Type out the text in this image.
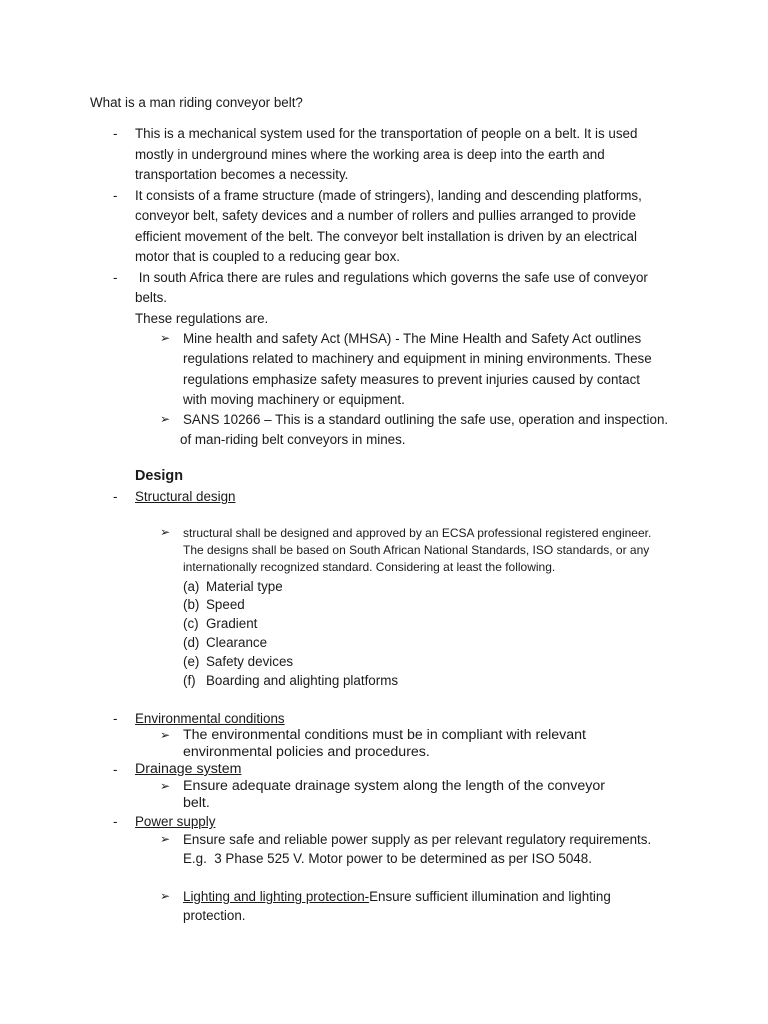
What is a man riding conveyor belt?

- This is a mechanical system used for the transportation of people on a belt. It is used

mostly in underground mines where the working area is deep into the earth and

transportation becomes a necessity.

- It consists of a frame structure (made of stringers), landing and descending platforms,

conveyor belt, safety devices and a number of rollers and pullies arranged to provide

efficient movement of the belt. The conveyor belt installation is driven by an electrical

motor that is coupled to a reducing gear box.

- In south Africa there are rules and regulations which governs the safe use of conveyor

belts.

These regulations are.

➢ Mine health and safety Act (MHSA) - The Mine Health and Safety Act outlines

regulations related to machinery and equipment in mining environments. These

regulations emphasize safety measures to prevent injuries caused by contact

with moving machinery or equipment.

➢ SANS 10266 – This is a standard outlining the safe use, operation and inspection.

of man-riding belt conveyors in mines.

Design

- Structural design

➢ structural shall be designed and approved by an ECSA professional registered engineer.

The designs shall be based on South African National Standards, ISO standards, or any

internationally recognized standard. Considering at least the following.

(a) Material type
(b) Speed
(c) Gradient
(d) Clearance
(e) Safety devices
(f) Boarding and alighting platforms
- Environmental conditions

➢ The environmental conditions must be in compliant with relevant

environmental policies and procedures.

- Drainage system

➢ Ensure adequate drainage system along the length of the conveyor

belt.

- Power supply

➢ Ensure safe and reliable power supply as per relevant regulatory requirements.

E.g.  3 Phase 525 V. Motor power to be determined as per ISO 5048.

➢ Lighting and lighting protection-Ensure sufficient illumination and lighting

protection.
